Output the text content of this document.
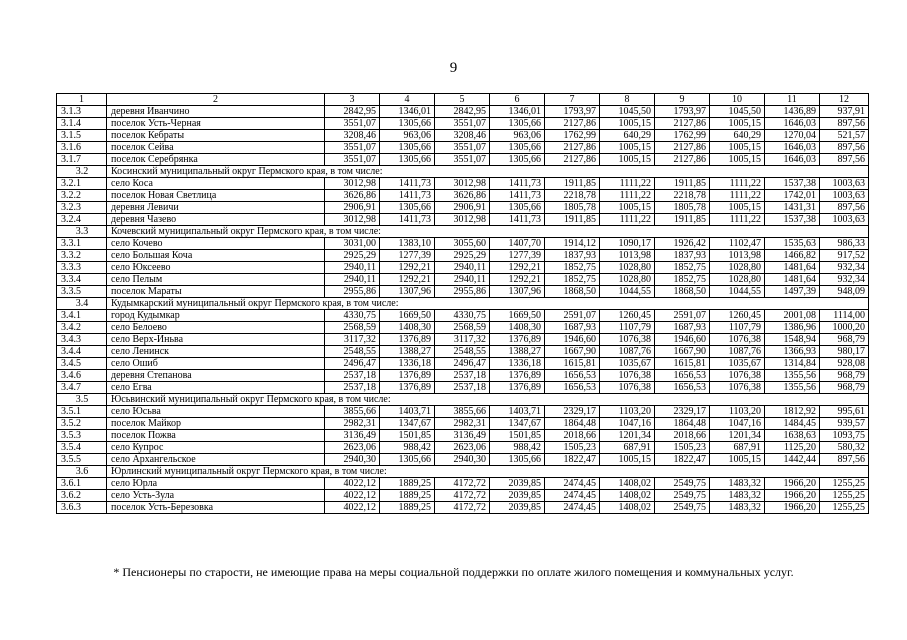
9
1	2	3	4	5	6	7	8	9	10	11	12
3.1.3	деревня Иванчино	2842,95	1346,01	2842,95	1346,01	1793,97	1045,50	1793,97	1045,50	1436,89	937,91
3.1.4	поселок Усть-Черная	3551,07	1305,66	3551,07	1305,66	2127,86	1005,15	2127,86	1005,15	1646,03	897,56
3.1.5	поселок Кебраты	3208,46	963,06	3208,46	963,06	1762,99	640,29	1762,99	640,29	1270,04	521,57
3.1.6	поселок Сейва	3551,07	1305,66	3551,07	1305,66	2127,86	1005,15	2127,86	1005,15	1646,03	897,56
3.1.7	поселок Серебрянка	3551,07	1305,66	3551,07	1305,66	2127,86	1005,15	2127,86	1005,15	1646,03	897,56
3.2	Косинский муниципальный округ Пермского края, в том числе:										
3.2.1	село Коса	3012,98	1411,73	3012,98	1411,73	1911,85	1111,22	1911,85	1111,22	1537,38	1003,63
3.2.2	поселок Новая Светлица	3626,86	1411,73	3626,86	1411,73	2218,78	1111,22	2218,78	1111,22	1742,01	1003,63
3.2.3	деревня Левичи	2906,91	1305,66	2906,91	1305,66	1805,78	1005,15	1805,78	1005,15	1431,31	897,56
3.2.4	деревня Чазево	3012,98	1411,73	3012,98	1411,73	1911,85	1111,22	1911,85	1111,22	1537,38	1003,63
3.3	Кочевский муниципальный округ Пермского края, в том числе:										
3.3.1	село Кочево	3031,00	1383,10	3055,60	1407,70	1914,12	1090,17	1926,42	1102,47	1535,63	986,33
3.3.2	село Большая Коча	2925,29	1277,39	2925,29	1277,39	1837,93	1013,98	1837,93	1013,98	1466,82	917,52
3.3.3	село Юксеево	2940,11	1292,21	2940,11	1292,21	1852,75	1028,80	1852,75	1028,80	1481,64	932,34
3.3.4	село Пелым	2940,11	1292,21	2940,11	1292,21	1852,75	1028,80	1852,75	1028,80	1481,64	932,34
3.3.5	поселок Мараты	2955,86	1307,96	2955,86	1307,96	1868,50	1044,55	1868,50	1044,55	1497,39	948,09
3.4	Кудымкарский муниципальный округ Пермского края, в том числе:										
3.4.1	город Кудымкар	4330,75	1669,50	4330,75	1669,50	2591,07	1260,45	2591,07	1260,45	2001,08	1114,00
3.4.2	село Белоево	2568,59	1408,30	2568,59	1408,30	1687,93	1107,79	1687,93	1107,79	1386,96	1000,20
3.4.3	село Верх-Иньва	3117,32	1376,89	3117,32	1376,89	1946,60	1076,38	1946,60	1076,38	1548,94	968,79
3.4.4	село Ленинск	2548,55	1388,27	2548,55	1388,27	1667,90	1087,76	1667,90	1087,76	1366,93	980,17
3.4.5	село Ошиб	2496,47	1336,18	2496,47	1336,18	1615,81	1035,67	1615,81	1035,67	1314,84	928,08
3.4.6	деревня Степанова	2537,18	1376,89	2537,18	1376,89	1656,53	1076,38	1656,53	1076,38	1355,56	968,79
3.4.7	село Егва	2537,18	1376,89	2537,18	1376,89	1656,53	1076,38	1656,53	1076,38	1355,56	968,79
3.5	Юсьвинский муниципальный округ Пермского края, в том числе:										
3.5.1	село Юсьва	3855,66	1403,71	3855,66	1403,71	2329,17	1103,20	2329,17	1103,20	1812,92	995,61
3.5.2	поселок Майкор	2982,31	1347,67	2982,31	1347,67	1864,48	1047,16	1864,48	1047,16	1484,45	939,57
3.5.3	поселок Пожва	3136,49	1501,85	3136,49	1501,85	2018,66	1201,34	2018,66	1201,34	1638,63	1093,75
3.5.4	село Купрос	2623,06	988,42	2623,06	988,42	1505,23	687,91	1505,23	687,91	1125,20	580,32
3.5.5	село Архангельское	2940,30	1305,66	2940,30	1305,66	1822,47	1005,15	1822,47	1005,15	1442,44	897,56
3.6	Юрлинский муниципальный округ Пермского края, в том числе:										
3.6.1	село Юрла	4022,12	1889,25	4172,72	2039,85	2474,45	1408,02	2549,75	1483,32	1966,20	1255,25
3.6.2	село Усть-Зула	4022,12	1889,25	4172,72	2039,85	2474,45	1408,02	2549,75	1483,32	1966,20	1255,25
3.6.3	поселок Усть-Березовка	4022,12	1889,25	4172,72	2039,85	2474,45	1408,02	2549,75	1483,32	1966,20	1255,25
* Пенсионеры по старости, не имеющие права на меры социальной поддержки по оплате жилого помещения и коммунальных услуг.
